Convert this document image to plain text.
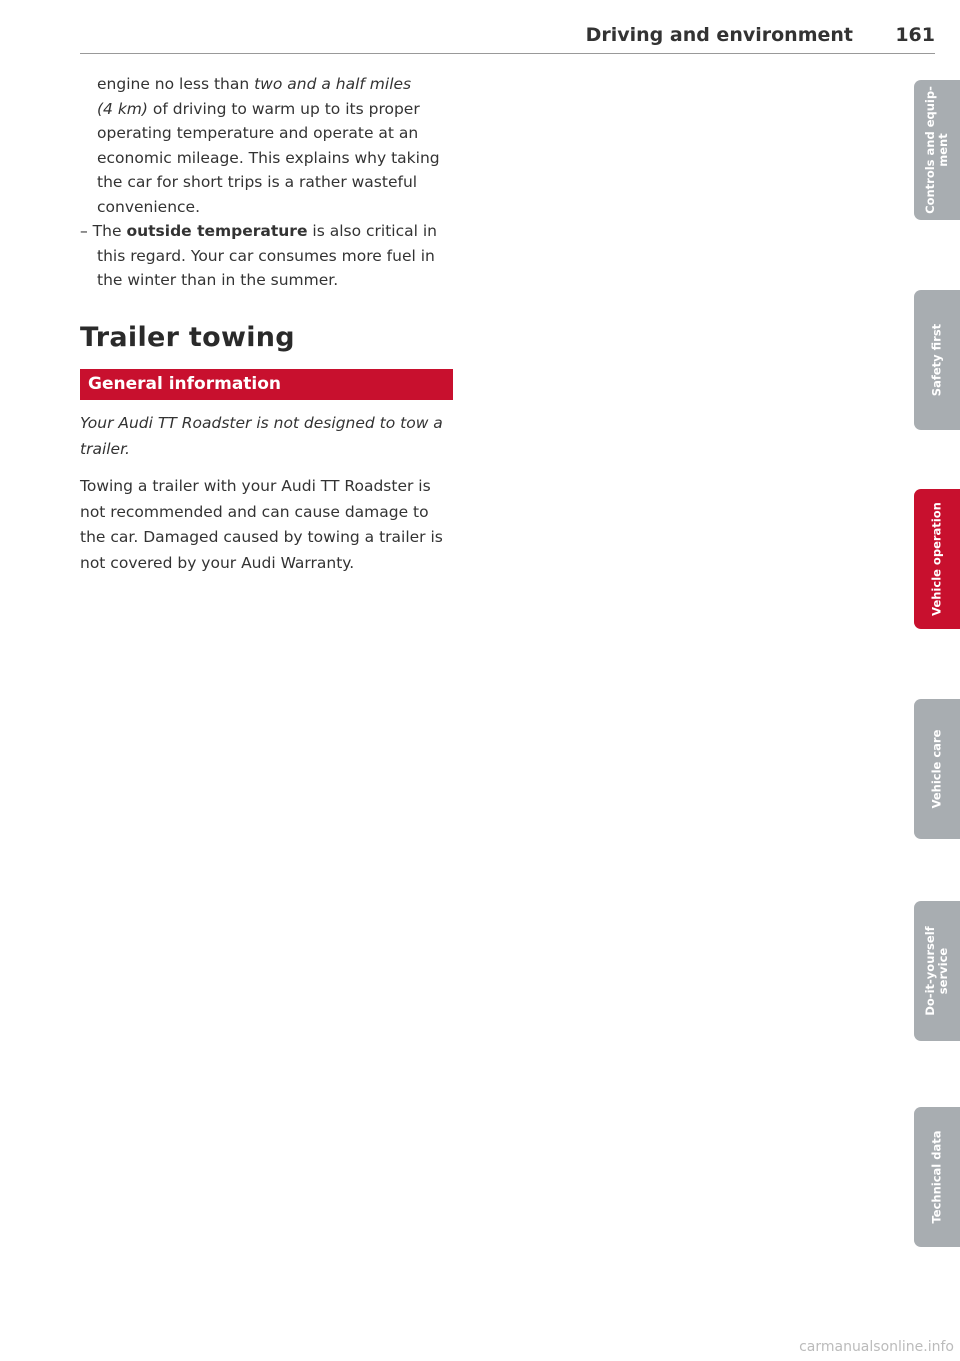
Driving and environment 161

engine no less than two and a half miles
(4 km) of driving to warm up to its proper operating temperature and operate at an economic mileage. This explains why taking the car for short trips is a rather wasteful convenience.

– The outside temperature is also critical in this regard. Your car consumes more fuel in the winter than in the summer.

Trailer towing
General information
Your Audi TT Roadster is not designed to tow a trailer.
Towing a trailer with your Audi TT Roadster is not recommended and can cause damage to the car. Damaged caused by towing a trailer is not covered by your Audi Warranty.
Controls and equip-
ment
Safety first
Vehicle operation
Vehicle care
Do-it-yourself
service
Technical data
carmanualsonline.info
